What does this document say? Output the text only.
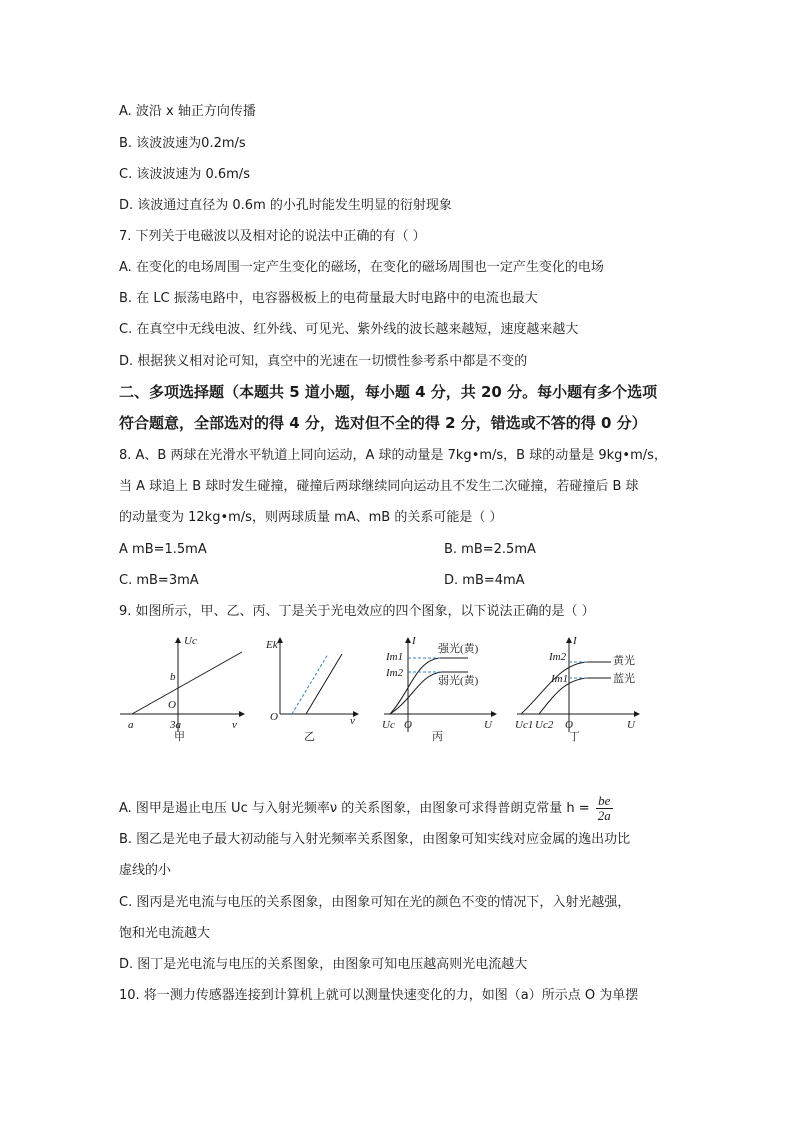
A. 波沿 x 轴正方向传播
B. 该波波速为0.2m/s
C. 该波波速为 0.6m/s
D. 该波通过直径为 0.6m 的小孔时能发生明显的衍射现象
7. 下列关于电磁波以及相对论的说法中正确的有（ ）
A. 在变化的电场周围一定产生变化的磁场，在变化的磁场周围也一定产生变化的电场
B. 在 LC 振荡电路中，电容器极板上的电荷量最大时电路中的电流也最大
C. 在真空中无线电波、红外线、可见光、紫外线的波长越来越短，速度越来越大
D. 根据狭义相对论可知，真空中的光速在一切惯性参考系中都是不变的
二、多项选择题（本题共 5 道小题，每小题 4 分，共 20 分。每小题有多个选项
符合题意，全部选对的得 4 分，选对但不全的得 2 分，错选或不答的得 0 分）
8. A、B 两球在光滑水平轨道上同向运动，A 球的动量是 7kg•m/s，B 球的动量是 9kg•m/s，
当 A 球追上 B 球时发生碰撞，碰撞后两球继续同向运动且不发生二次碰撞，若碰撞后 B 球
的动量变为 12kg•m/s，则两球质量 mA、mB 的关系可能是（ ）
A mB=1.5mA	B. mB=2.5mA
C. mB=3mA	D. mB=4mA
9. 如图所示，甲、乙、丙、丁是关于光电效应的四个图象，以下说法正确的是（ ）
Uc
b
O
a	3a	ν
甲
Ek
O	ν
乙
I
Im1
Im2
强光(黄)
弱光(黄)
Uc O	U
丙
I
Im2
Im1
黄光
蓝光
Uc1 Uc2 O	U
丁
A. 图甲是遏止电压 Uc 与入射光频率ν 的关系图象，由图象可求得普朗克常量 $h = \frac{be}{2a}$
B. 图乙是光电子最大初动能与入射光频率关系图象，由图象可知实线对应金属的逸出功比
虚线的小
C. 图丙是光电流与电压的关系图象，由图象可知在光的颜色不变的情况下，入射光越强，
饱和光电流越大
D. 图丁是光电流与电压的关系图象，由图象可知电压越高则光电流越大
10. 将一测力传感器连接到计算机上就可以测量快速变化的力，如图（a）所示点 O 为单摆
